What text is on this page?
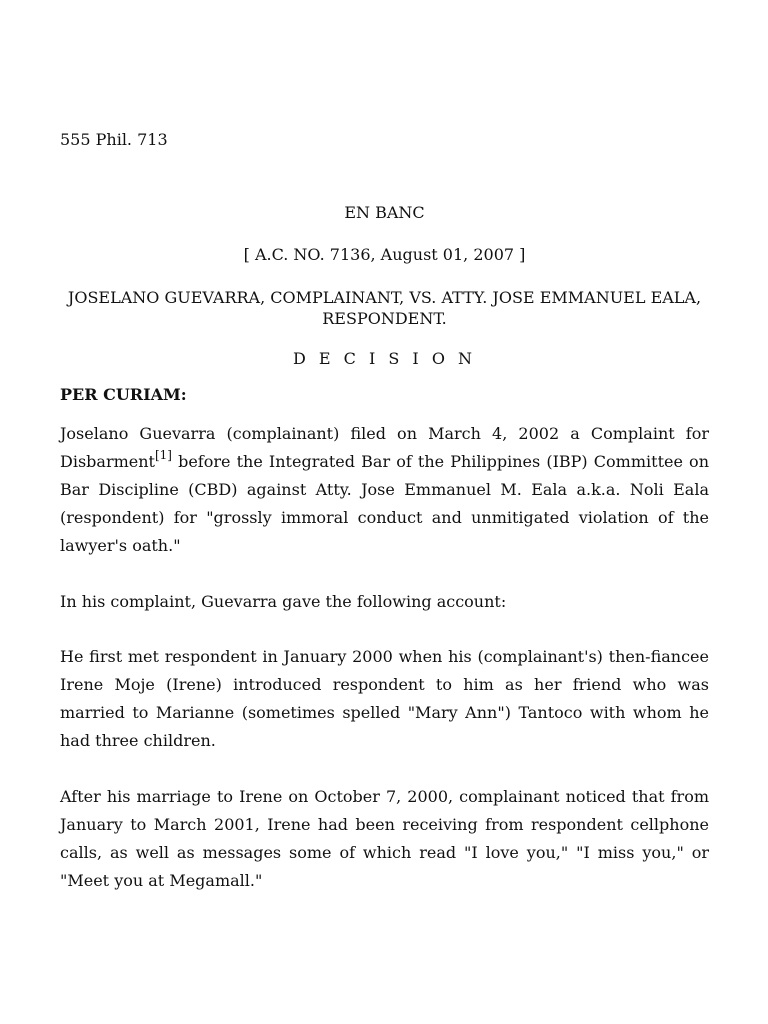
555 Phil. 713
EN BANC
[ A.C. NO. 7136, August 01, 2007 ]
JOSELANO GUEVARRA, COMPLAINANT, VS. ATTY. JOSE EMMANUEL EALA, RESPONDENT.
D E C I S I O N
PER CURIAM:

Joselano Guevarra (complainant) filed on March 4, 2002 a Complaint for Disbarment[1] before the Integrated Bar of the Philippines (IBP) Committee on Bar Discipline (CBD) against Atty. Jose Emmanuel M. Eala a.k.a. Noli Eala (respondent) for "grossly immoral conduct and unmitigated violation of the lawyer's oath."

In his complaint, Guevarra gave the following account:

He first met respondent in January 2000 when his (complainant's) then-fiancee Irene Moje (Irene) introduced respondent to him as her friend who was married to Marianne (sometimes spelled "Mary Ann") Tantoco with whom he had three children.

After his marriage to Irene on October 7, 2000, complainant noticed that from January to March 2001, Irene had been receiving from respondent cellphone calls, as well as messages some of which read "I love you," "I miss you," or "Meet you at Megamall."
